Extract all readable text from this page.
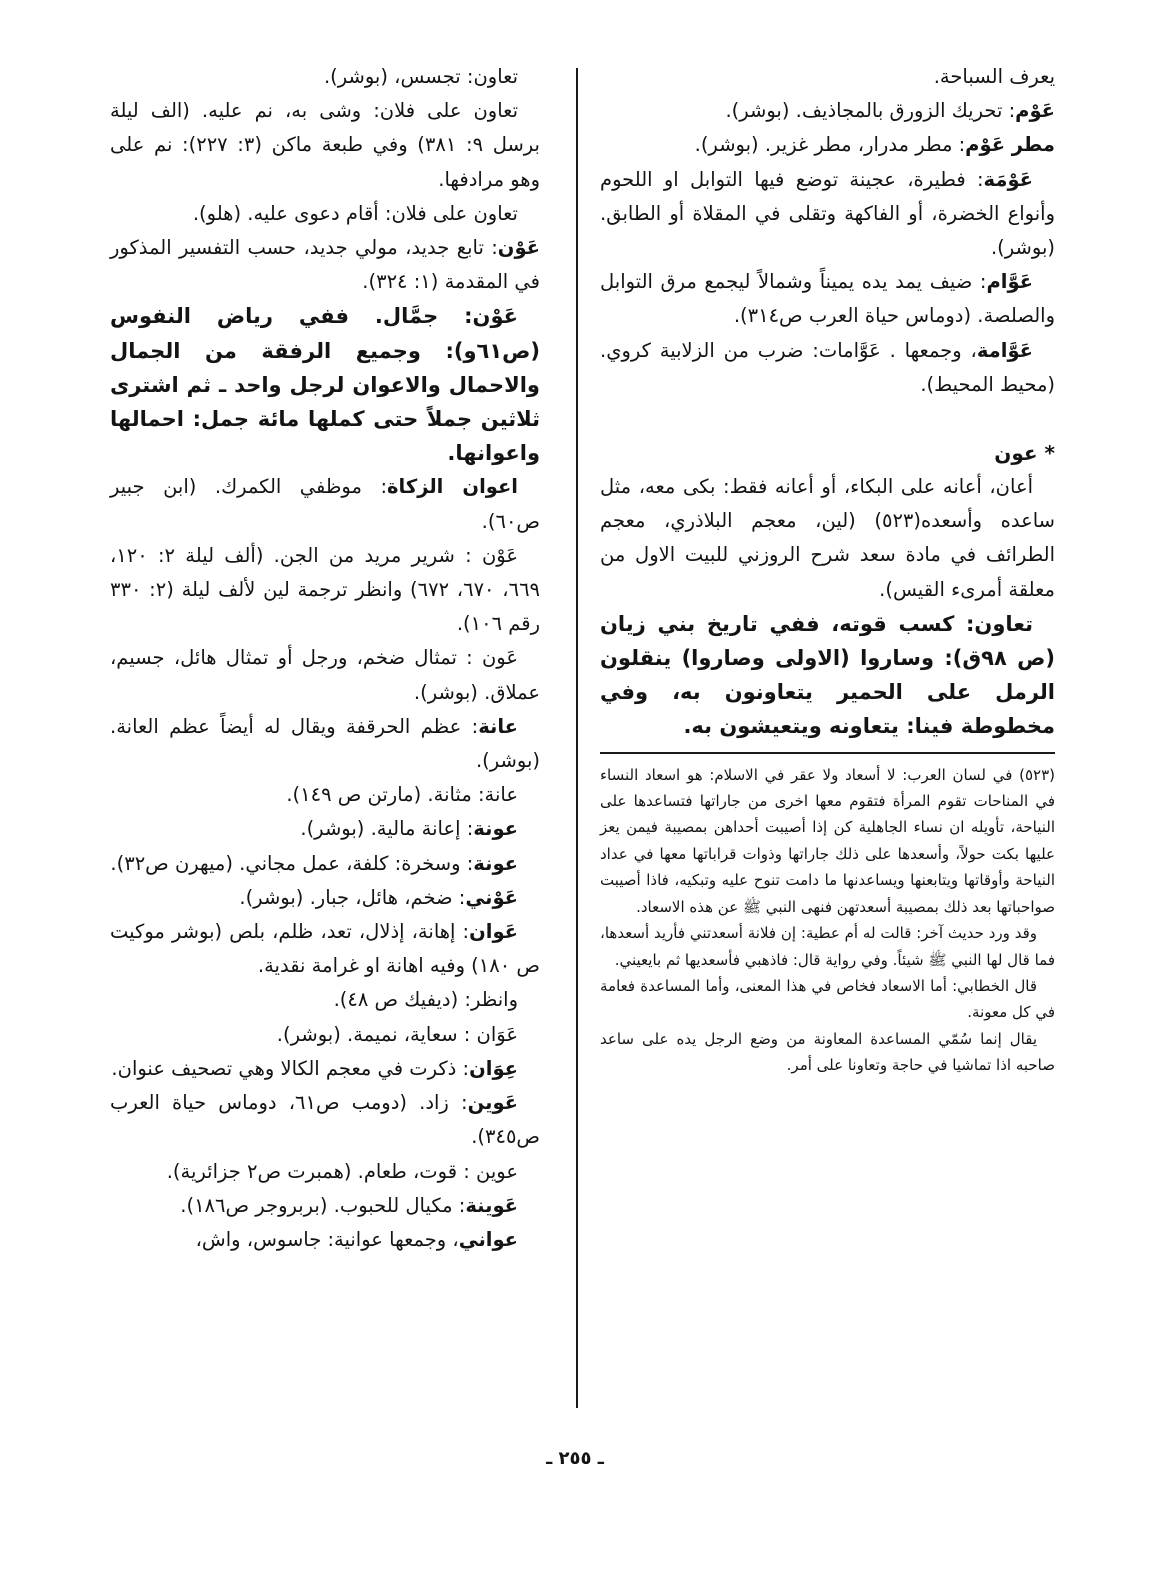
يعرف السباحة.

عَوْم: تحريك الزورق بالمجاذيف. (بوشر).

مطر عَوْم: مطر مدرار، مطر غزير. (بوشر).

عَوْمَة: فطيرة، عجينة توضع فيها التوابل او اللحوم وأنواع الخضرة، أو الفاكهة وتقلى في المقلاة أو الطابق. (بوشر).

عَوَّام: ضيف يمد يده يميناً وشمالاً ليجمع مرق التوابل والصلصة. (دوماس حياة العرب ص٣١٤).

عَوَّامة، وجمعها . عَوَّامات: ضرب من الزلابية كروي. (محيط المحيط).

* عون

أعان، أعانه على البكاء، أو أعانه فقط: بكى معه، مثل ساعده وأسعده(٥٢٣) (لين، معجم البلاذري، معجم الطرائف في مادة سعد شرح الروزني للبيت الاول من معلقة أمرىء القيس).

تعاون: كسب قوته، ففي تاريخ بني زيان (ص ٩٨ق): وساروا (الاولى وصاروا) ينقلون الرمل على الحمير يتعاونون به، وفي مخطوطة فينا: يتعاونه ويتعيشون به.

(٥٢٣) في لسان العرب: لا أسعاد ولا عقر في الاسلام: هو اسعاد النساء في المناحات تقوم المرأة فتقوم معها اخرى من جاراتها فتساعدها على النياحة، تأويله ان نساء الجاهلية كن إذا أصيبت أحداهن بمصيبة فيمن يعز عليها بكت حولاً، وأسعدها على ذلك جاراتها وذوات قراباتها معها في عداد النياحة وأوقاتها ويتابعنها ويساعدنها ما دامت تنوح عليه وتبكيه، فاذا أصيبت صواحباتها بعد ذلك بمصيبة أسعدتهن فنهى النبي ﷺ عن هذه الاسعاد.

وقد ورد حديث آخر: قالت له أم عطية: إن فلانة أسعدتني فأريد أسعدها، فما قال لها النبي ﷺ شيئاً. وفي رواية قال: فاذهبي فأسعديها ثم بايعيني.

قال الخطابي: أما الاسعاد فخاص في هذا المعنى، وأما المساعدة فعامة في كل معونة.

يقال إنما سُمّي المساعدة المعاونة من وضع الرجل يده على ساعد صاحبه اذا تماشيا في حاجة وتعاونا على أمر.

تعاون: تجسس، (بوشر).

تعاون على فلان: وشى به، نم عليه. (الف ليلة برسل ٩: ٣٨١) وفي طبعة ماكن (٣: ٢٢٧): نم على وهو مرادفها.

تعاون على فلان: أقام دعوى عليه. (هلو).

عَوْن: تابع جديد، مولي جديد، حسب التفسير المذكور في المقدمة (١: ٣٢٤).

عَوْن: جمَّال. ففي رياض النفوس (ص٦١و): وجميع الرفقة من الجمال والاحمال والاعوان لرجل واحد ـ ثم اشترى ثلاثين جملاً حتى كملها مائة جمل: احمالها واعوانها.

اعوان الزكاة: موظفي الكمرك. (ابن جبير ص٦٠).

عَوْن : شرير مريد من الجن. (ألف ليلة ٢: ١٢٠، ٦٦٩، ٦٧٠، ٦٧٢) وانظر ترجمة لين لألف ليلة (٢: ٣٣٠ رقم ١٠٦).

عَون : تمثال ضخم، ورجل أو تمثال هائل، جسيم، عملاق. (بوشر).

عانة: عظم الحرقفة ويقال له أيضاً عظم العانة. (بوشر).

عانة: مثانة. (مارتن ص ١٤٩).

عونة: إعانة مالية. (بوشر).

عونة: وسخرة: كلفة، عمل مجاني. (ميهرن ص٣٢).

عَوْني: ضخم، هائل، جبار. (بوشر).

عَوان: إهانة، إذلال، تعد، ظلم، بلص (بوشر موكيت ص ١٨٠) وفيه اهانة او غرامة نقدية.

وانظر: (ديفيك ص ٤٨).

عَوَان : سعاية، نميمة. (بوشر).

عِوَان: ذكرت في معجم الكالا وهي تصحيف عنوان.

عَوين: زاد. (دومب ص٦١، دوماس حياة العرب ص٣٤٥).

عوين : قوت، طعام. (همبرت ص٢ جزائرية).

عَوينة: مكيال للحبوب. (بربروجر ص١٨٦).

عواني، وجمعها عوانية: جاسوس، واش،

ـ ٢٥٥ ـ
